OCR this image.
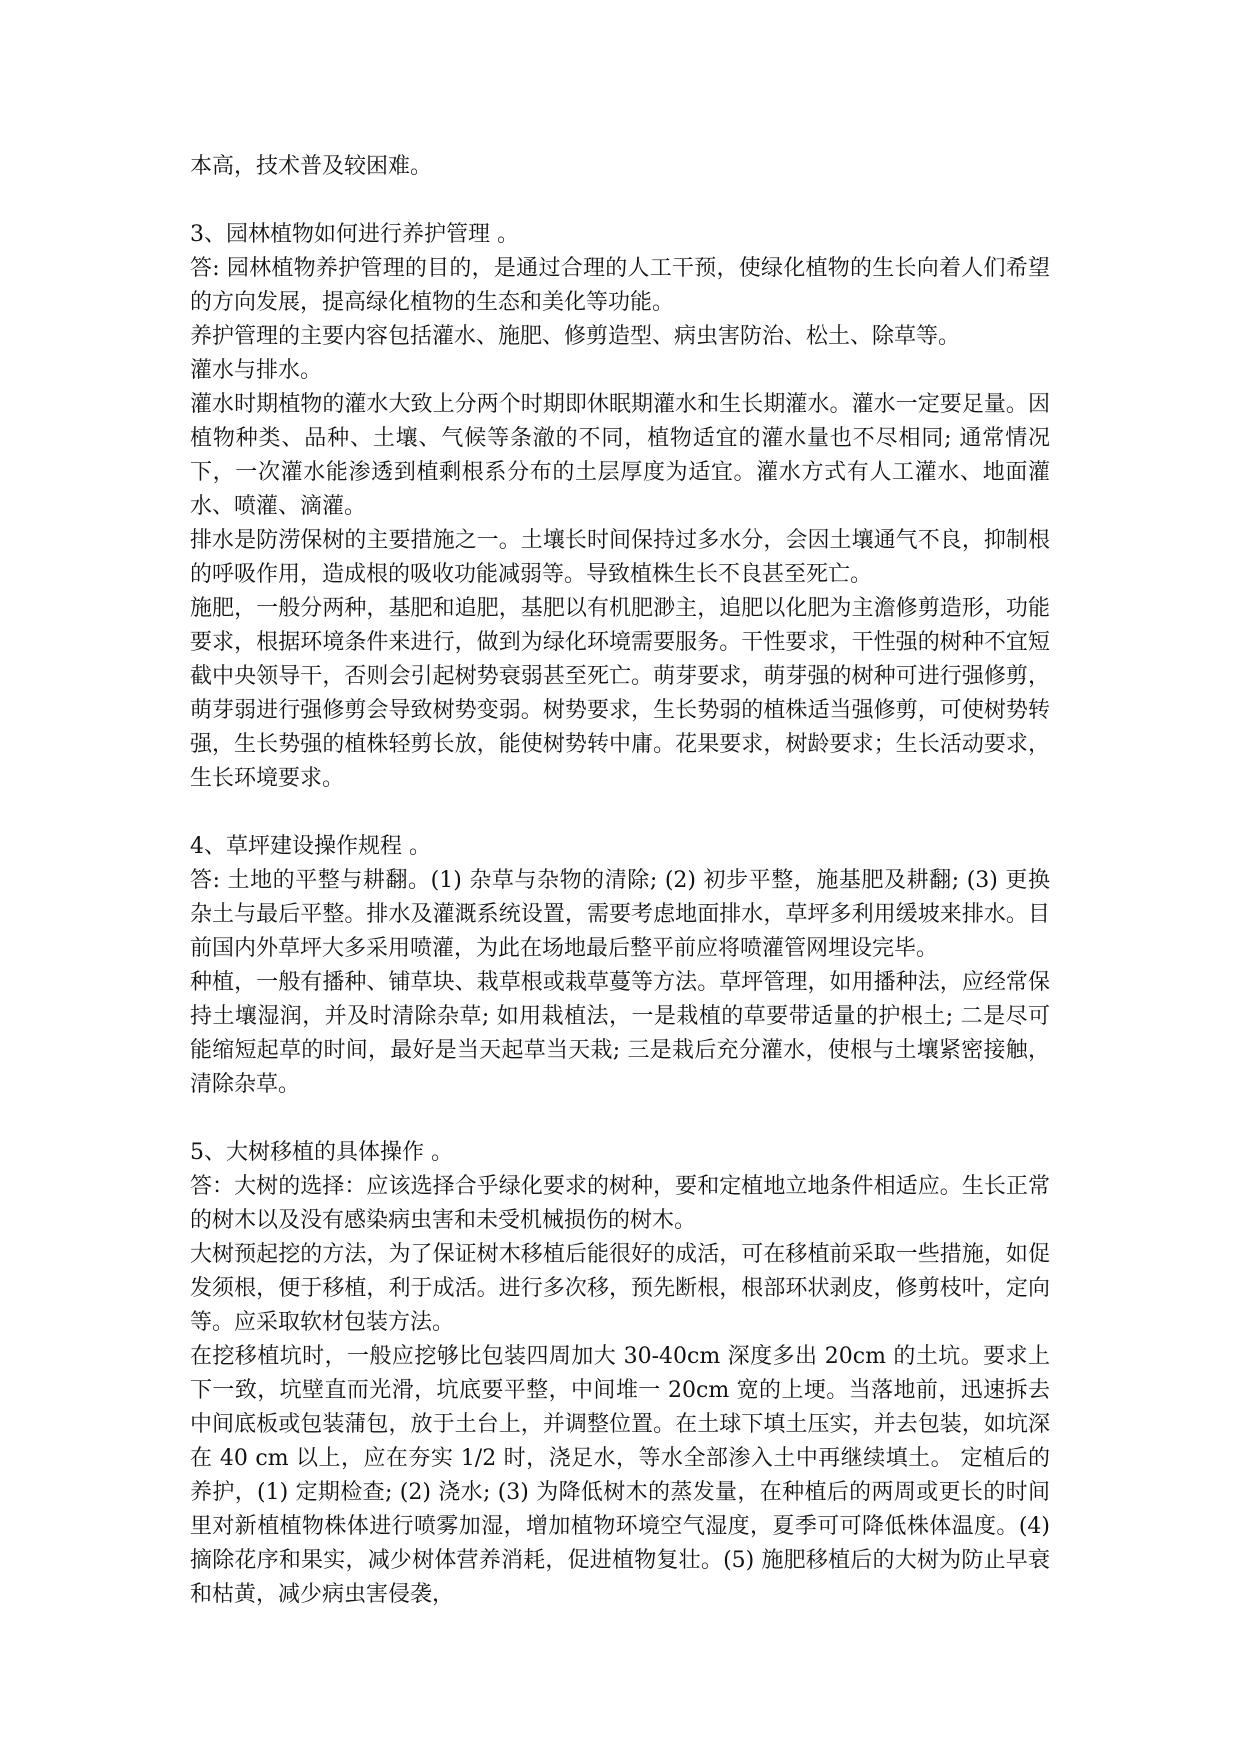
本高，技术普及较困难。

3、园林植物如何进行养护管理 。

答: 园林植物养护管理的目的，是通过合理的人工干预，使绿化植物的生长向着人们希望的方向发展，提高绿化植物的生态和美化等功能。

养护管理的主要内容包括灌水、施肥、修剪造型、病虫害防治、松土、除草等。

灌水与排水。

灌水时期植物的灌水大致上分两个时期即休眠期灌水和生长期灌水。灌水一定要足量。因植物种类、品种、土壤、气候等条澈的不同，植物适宜的灌水量也不尽相同; 通常情况下，一次灌水能渗透到植剩根系分布的土层厚度为适宜。灌水方式有人工灌水、地面灌水、喷灌、滴灌。

排水是防涝保树的主要措施之一。土壤长时间保持过多水分，会因土壤通气不良，抑制根的呼吸作用，造成根的吸收功能减弱等。导致植株生长不良甚至死亡。

施肥，一般分两种，基肥和追肥，基肥以有机肥渺主，追肥以化肥为主澹修剪造形，功能要求，根据环境条件来进行，做到为绿化环境需要服务。干性要求，干性强的树种不宜短截中央领导干，否则会引起树势衰弱甚至死亡。萌芽要求，萌芽强的树种可进行强修剪，萌芽弱进行强修剪会导致树势变弱。树势要求，生长势弱的植株适当强修剪，可使树势转强，生长势强的植株轻剪长放，能使树势转中庸。花果要求，树龄要求；生长活动要求，生长环境要求。

4、草坪建设操作规程 。

答: 土地的平整与耕翻。(1) 杂草与杂物的清除; (2) 初步平整，施基肥及耕翻; (3) 更换杂土与最后平整。排水及灌溉系统设置，需要考虑地面排水，草坪多利用缓坡来排水。目前国内外草坪大多采用喷灌，为此在场地最后整平前应将喷灌管网埋设完毕。

种植，一般有播种、铺草块、栽草根或栽草蔓等方法。草坪管理，如用播种法，应经常保持土壤湿润，并及时清除杂草; 如用栽植法，一是栽植的草要带适量的护根土; 二是尽可能缩短起草的时间，最好是当天起草当天栽; 三是栽后充分灌水，使根与土壤紧密接触，清除杂草。

5、大树移植的具体操作 。

答：大树的选择：应该选择合乎绿化要求的树种，要和定植地立地条件相适应。生长正常的树木以及没有感染病虫害和未受机械损伤的树木。

大树预起挖的方法，为了保证树木移植后能很好的成活，可在移植前采取一些措施，如促发须根，便于移植，利于成活。进行多次移，预先断根，根部环状剥皮，修剪枝叶，定向等。应采取软材包装方法。

在挖移植坑时，一般应挖够比包装四周加大 30-40cm 深度多出 20cm 的土坑。要求上下一致，坑壁直而光滑，坑底要平整，中间堆一 20cm 宽的上埂。当落地前，迅速拆去中间底板或包装蒲包，放于土台上，并调整位置。在土球下填土压实，并去包装，如坑深在 40 cm 以上，应在夯实 1/2 时，浇足水，等水全部渗入土中再继续填土。 定植后的养护，(1) 定期检查; (2) 浇水; (3) 为降低树木的蒸发量，在种植后的两周或更长的时间里对新植植物株体进行喷雾加湿，增加植物环境空气湿度，夏季可可降低株体温度。(4) 摘除花序和果实，减少树体营养消耗，促进植物复壮。(5) 施肥移植后的大树为防止早衰和枯黄，减少病虫害侵袭，
